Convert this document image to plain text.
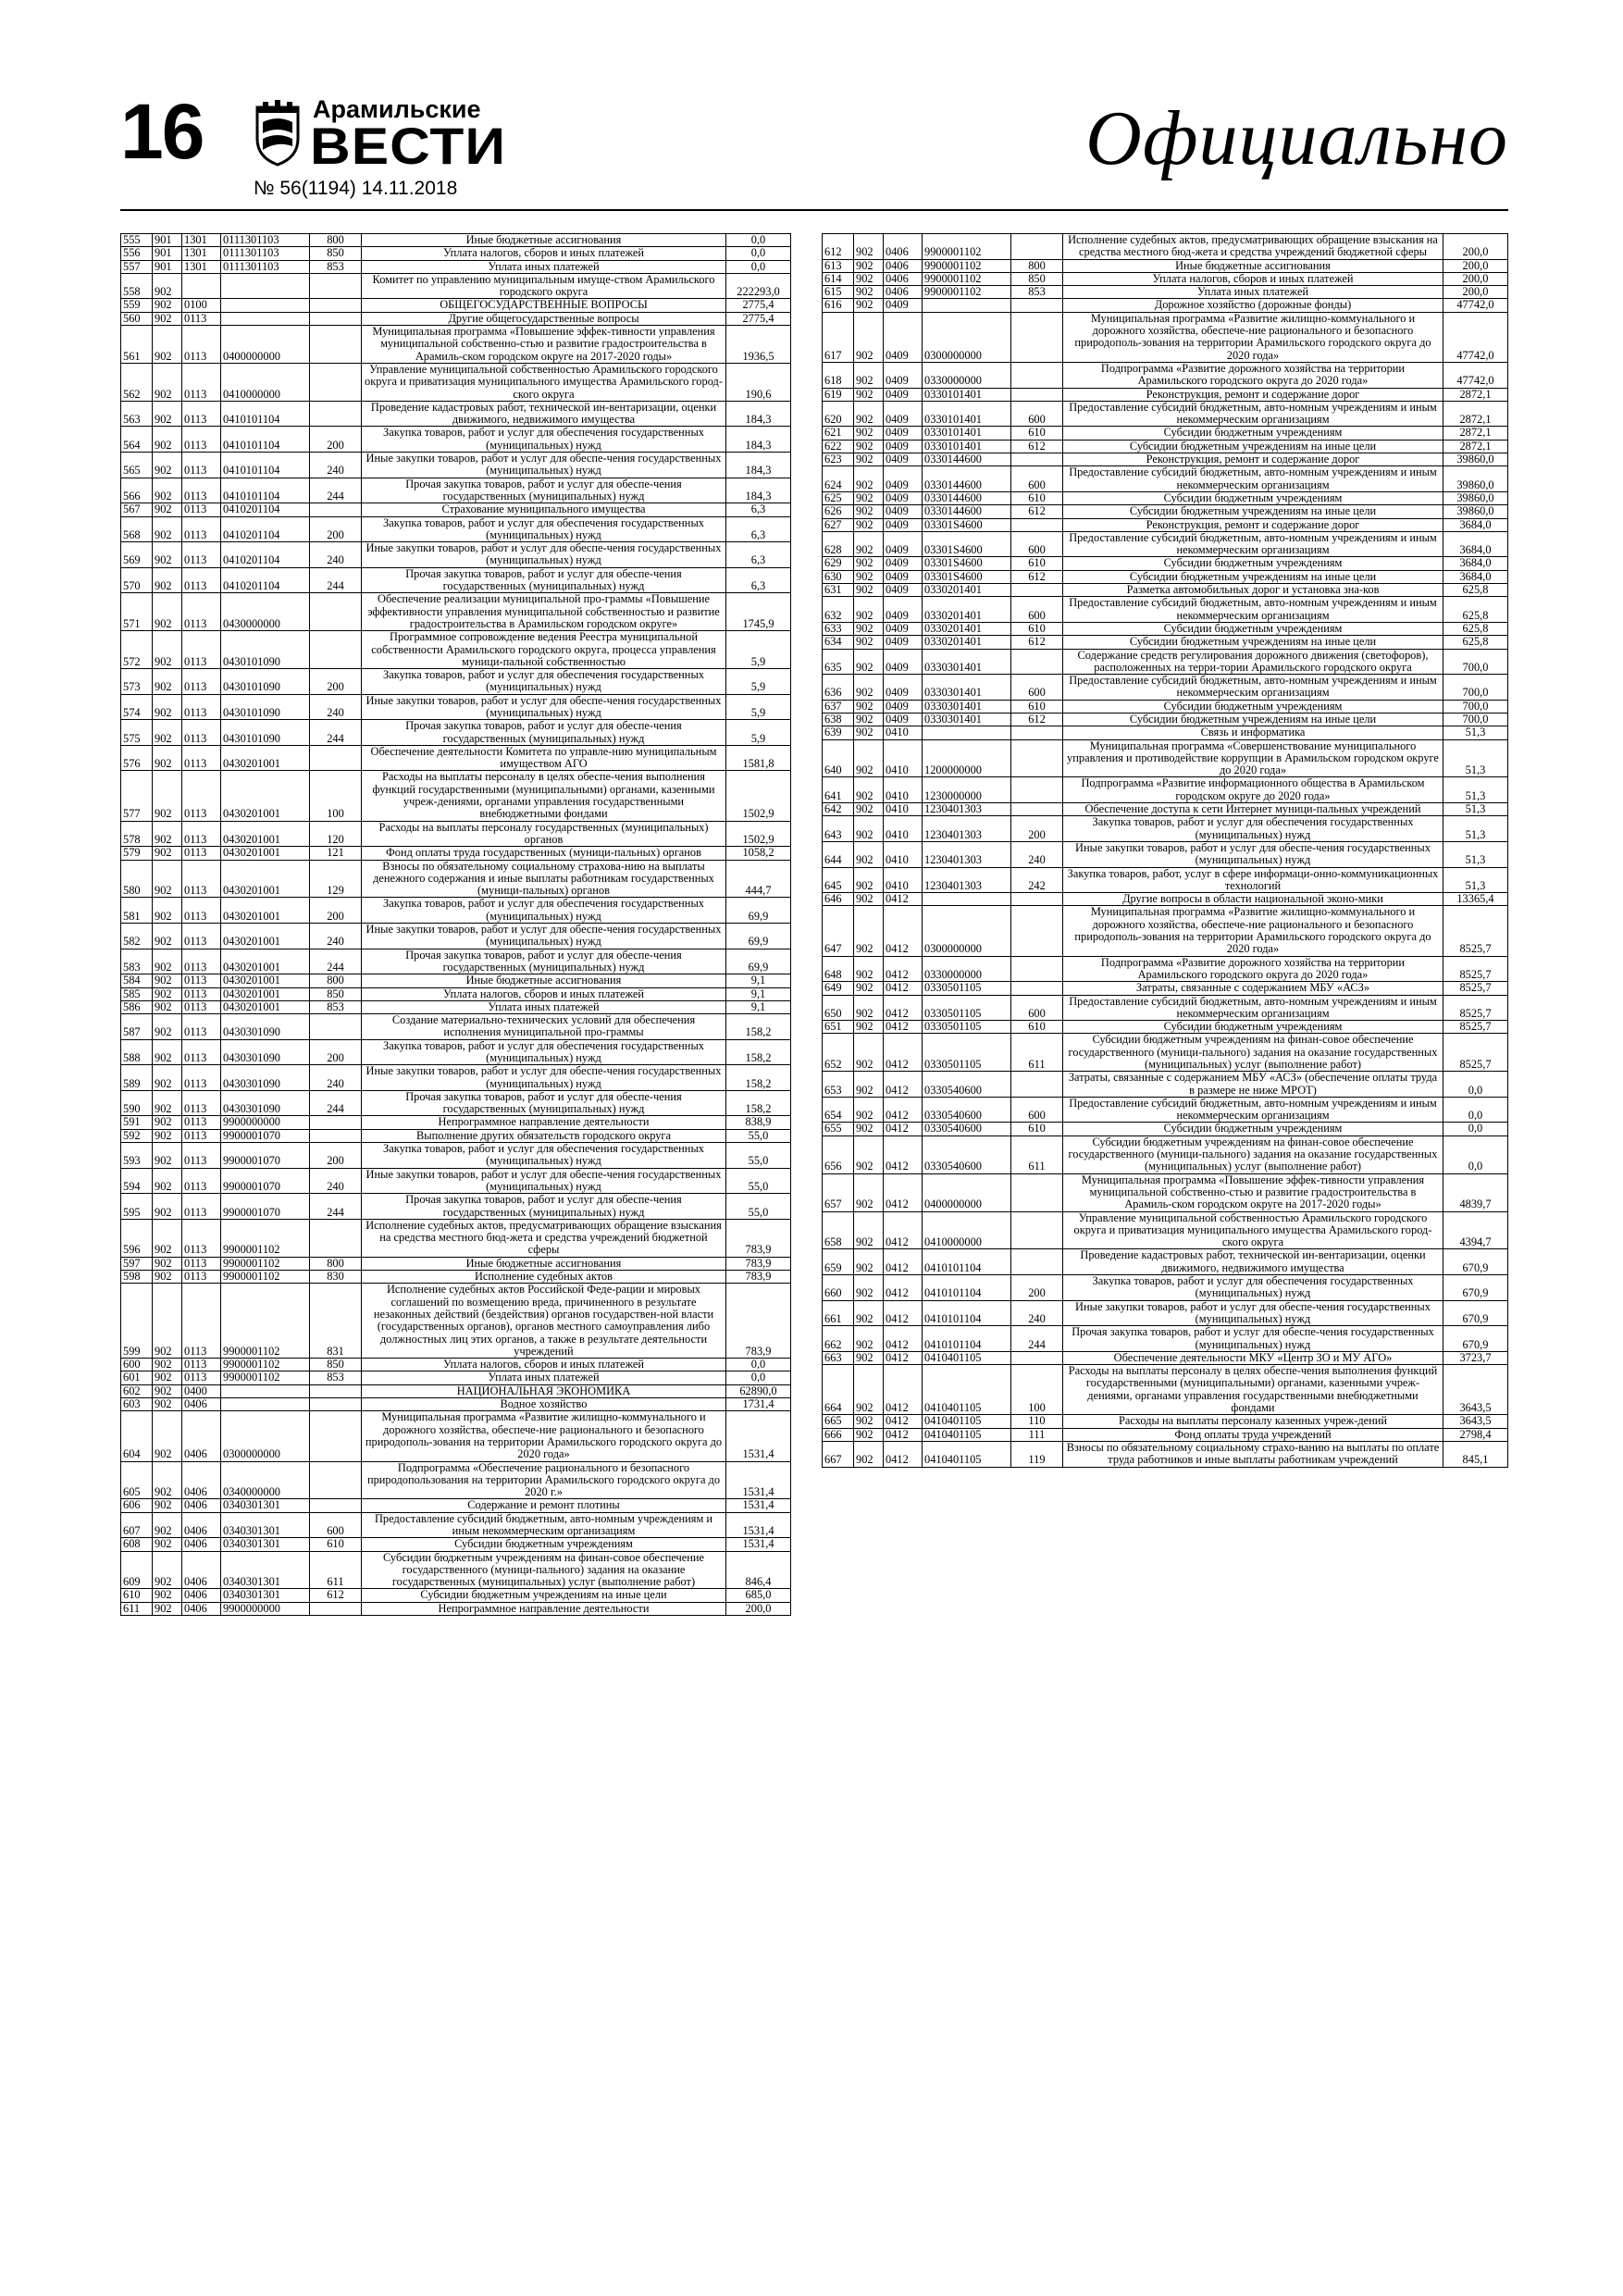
16	Арамильские
ВЕСТИ
№ 56(1194) 14.11.2018
Официально
555	901	1301	0111301103	800	Иные бюджетные ассигнования	0,0
556	901	1301	0111301103	850	Уплата налогов, сборов и иных платежей	0,0
557	901	1301	0111301103	853	Уплата иных платежей	0,0
558	902				Комитет по управлению муниципальным имуще-ством Арамильского городского округа	222293,0
559	902	0100			ОБЩЕГОСУДАРСТВЕННЫЕ ВОПРОСЫ	2775,4
560	902	0113			Другие общегосударственные вопросы	2775,4
561	902	0113	0400000000		Муниципальная программа «Повышение эффек-тивности управления муниципальной собственно-стью и развитие градостроительства в Арамиль-ском городском округе на 2017-2020 годы»	1936,5
562	902	0113	0410000000		Управление муниципальной собственностью Арамильского городского округа и приватизация муниципального имущества Арамильского город-ского округа	190,6
563	902	0113	0410101104		Проведение кадастровых работ, технической ин-вентаризации, оценки движимого, недвижимого имущества	184,3
564	902	0113	0410101104	200	Закупка товаров, работ и услуг для обеспечения государственных (муниципальных) нужд	184,3
565	902	0113	0410101104	240	Иные закупки товаров, работ и услуг для обеспе-чения государственных (муниципальных) нужд	184,3
566	902	0113	0410101104	244	Прочая закупка товаров, работ и услуг для обеспе-чения государственных (муниципальных) нужд	184,3
567	902	0113	0410201104		Страхование муниципального имущества	6,3
568	902	0113	0410201104	200	Закупка товаров, работ и услуг для обеспечения государственных (муниципальных) нужд	6,3
569	902	0113	0410201104	240	Иные закупки товаров, работ и услуг для обеспе-чения государственных (муниципальных) нужд	6,3
570	902	0113	0410201104	244	Прочая закупка товаров, работ и услуг для обеспе-чения государственных (муниципальных) нужд	6,3
571	902	0113	0430000000		Обеспечение реализации муниципальной про-граммы «Повышение эффективности управления муниципальной собственностью и развитие градостроительства в Арамильском городском округе»	1745,9
572	902	0113	0430101090		Программное сопровождение ведения Реестра муниципальной собственности Арамильского городского округа, процесса управления муници-пальной собственностью	5,9
573	902	0113	0430101090	200	Закупка товаров, работ и услуг для обеспечения государственных (муниципальных) нужд	5,9
574	902	0113	0430101090	240	Иные закупки товаров, работ и услуг для обеспе-чения государственных (муниципальных) нужд	5,9
575	902	0113	0430101090	244	Прочая закупка товаров, работ и услуг для обеспе-чения государственных (муниципальных) нужд	5,9
576	902	0113	0430201001		Обеспечение деятельности Комитета по управле-нию муниципальным имуществом АГО	1581,8
577	902	0113	0430201001	100	Расходы на выплаты персоналу в целях обеспе-чения выполнения функций государственными (муниципальными) органами, казенными учреж-дениями, органами управления государственными внебюджетными фондами	1502,9
578	902	0113	0430201001	120	Расходы на выплаты персоналу государственных (муниципальных) органов	1502,9
579	902	0113	0430201001	121	Фонд оплаты труда государственных (муници-пальных) органов	1058,2
580	902	0113	0430201001	129	Взносы по обязательному социальному страхова-нию на выплаты денежного содержания и иные выплаты работникам государственных (муници-пальных) органов	444,7
581	902	0113	0430201001	200	Закупка товаров, работ и услуг для обеспечения государственных (муниципальных) нужд	69,9
582	902	0113	0430201001	240	Иные закупки товаров, работ и услуг для обеспе-чения государственных (муниципальных) нужд	69,9
583	902	0113	0430201001	244	Прочая закупка товаров, работ и услуг для обеспе-чения государственных (муниципальных) нужд	69,9
584	902	0113	0430201001	800	Иные бюджетные ассигнования	9,1
585	902	0113	0430201001	850	Уплата налогов, сборов и иных платежей	9,1
586	902	0113	0430201001	853	Уплата иных платежей	9,1
587	902	0113	0430301090		Создание материально-технических условий для обеспечения исполнения муниципальной про-граммы	158,2
588	902	0113	0430301090	200	Закупка товаров, работ и услуг для обеспечения государственных (муниципальных) нужд	158,2
589	902	0113	0430301090	240	Иные закупки товаров, работ и услуг для обеспе-чения государственных (муниципальных) нужд	158,2
590	902	0113	0430301090	244	Прочая закупка товаров, работ и услуг для обеспе-чения государственных (муниципальных) нужд	158,2
591	902	0113	9900000000		Непрограммное направление деятельности	838,9
592	902	0113	9900001070		Выполнение других обязательств городского округа	55,0
593	902	0113	9900001070	200	Закупка товаров, работ и услуг для обеспечения государственных (муниципальных) нужд	55,0
594	902	0113	9900001070	240	Иные закупки товаров, работ и услуг для обеспе-чения государственных (муниципальных) нужд	55,0
595	902	0113	9900001070	244	Прочая закупка товаров, работ и услуг для обеспе-чения государственных (муниципальных) нужд	55,0
596	902	0113	9900001102		Исполнение судебных актов, предусматривающих обращение взыскания на средства местного бюд-жета и средства учреждений бюджетной сферы	783,9
597	902	0113	9900001102	800	Иные бюджетные ассигнования	783,9
598	902	0113	9900001102	830	Исполнение судебных актов	783,9
599	902	0113	9900001102	831	Исполнение судебных актов Российской Феде-рации и мировых соглашений по возмещению вреда, причиненного в результате незаконных действий (бездействия) органов государствен-ной власти (государственных органов), органов местного самоуправления либо должностных лиц этих органов, а также в результате деятельности учреждений	783,9
600	902	0113	9900001102	850	Уплата налогов, сборов и иных платежей	0,0
601	902	0113	9900001102	853	Уплата иных платежей	0,0
602	902	0400			НАЦИОНАЛЬНАЯ ЭКОНОМИКА	62890,0
603	902	0406			Водное хозяйство	1731,4
604	902	0406	0300000000		Муниципальная программа «Развитие жилищно-коммунального и дорожного хозяйства, обеспече-ние рационального и безопасного природополь-зования на территории Арамильского городского округа до 2020 года»	1531,4
605	902	0406	0340000000		Подпрограмма «Обеспечение рационального и безопасного природопользования на территории Арамильского городского округа до 2020 г.»	1531,4
606	902	0406	0340301301		Содержание и ремонт плотины	1531,4
607	902	0406	0340301301	600	Предоставление субсидий бюджетным, авто-номным учреждениям и иным некоммерческим организациям	1531,4
608	902	0406	0340301301	610	Субсидии бюджетным учреждениям	1531,4
609	902	0406	0340301301	611	Субсидии бюджетным учреждениям на финан-совое обеспечение государственного (муници-пального) задания на оказание государственных (муниципальных) услуг (выполнение работ)	846,4
610	902	0406	0340301301	612	Субсидии бюджетным учреждениям на иные цели	685,0
611	902	0406	9900000000		Непрограммное направление деятельности	200,0
612	902	0406	9900001102		Исполнение судебных актов, предусматривающих обращение взыскания на средства местного бюд-жета и средства учреждений бюджетной сферы	200,0
613	902	0406	9900001102	800	Иные бюджетные ассигнования	200,0
614	902	0406	9900001102	850	Уплата налогов, сборов и иных платежей	200,0
615	902	0406	9900001102	853	Уплата иных платежей	200,0
616	902	0409			Дорожное хозяйство (дорожные фонды)	47742,0
617	902	0409	0300000000		Муниципальная программа «Развитие жилищно-коммунального и дорожного хозяйства, обеспече-ние рационального и безопасного природополь-зования на территории Арамильского городского округа до 2020 года»	47742,0
618	902	0409	0330000000		Подпрограмма «Развитие дорожного хозяйства на территории Арамильского городского округа до 2020 года»	47742,0
619	902	0409	0330101401		Реконструкция, ремонт и содержание дорог	2872,1
620	902	0409	0330101401	600	Предоставление субсидий бюджетным, авто-номным учреждениям и иным некоммерческим организациям	2872,1
621	902	0409	0330101401	610	Субсидии бюджетным учреждениям	2872,1
622	902	0409	0330101401	612	Субсидии бюджетным учреждениям на иные цели	2872,1
623	902	0409	0330144600		Реконструкция, ремонт и содержание дорог	39860,0
624	902	0409	0330144600	600	Предоставление субсидий бюджетным, авто-номным учреждениям и иным некоммерческим организациям	39860,0
625	902	0409	0330144600	610	Субсидии бюджетным учреждениям	39860,0
626	902	0409	0330144600	612	Субсидии бюджетным учреждениям на иные цели	39860,0
627	902	0409	03301S4600		Реконструкция, ремонт и содержание дорог	3684,0
628	902	0409	03301S4600	600	Предоставление субсидий бюджетным, авто-номным учреждениям и иным некоммерческим организациям	3684,0
629	902	0409	03301S4600	610	Субсидии бюджетным учреждениям	3684,0
630	902	0409	03301S4600	612	Субсидии бюджетным учреждениям на иные цели	3684,0
631	902	0409	0330201401		Разметка автомобильных дорог и установка зна-ков	625,8
632	902	0409	0330201401	600	Предоставление субсидий бюджетным, авто-номным учреждениям и иным некоммерческим организациям	625,8
633	902	0409	0330201401	610	Субсидии бюджетным учреждениям	625,8
634	902	0409	0330201401	612	Субсидии бюджетным учреждениям на иные цели	625,8
635	902	0409	0330301401		Содержание средств регулирования дорожного движения (светофоров), расположенных на терри-тории Арамильского городского округа	700,0
636	902	0409	0330301401	600	Предоставление субсидий бюджетным, авто-номным учреждениям и иным некоммерческим организациям	700,0
637	902	0409	0330301401	610	Субсидии бюджетным учреждениям	700,0
638	902	0409	0330301401	612	Субсидии бюджетным учреждениям на иные цели	700,0
639	902	0410			Связь и информатика	51,3
640	902	0410	1200000000		Муниципальная программа «Совершенствование муниципального управления и противодействие коррупции в Арамильском городском округе до 2020 года»	51,3
641	902	0410	1230000000		Подпрограмма «Развитие информационного общества в Арамильском городском округе до 2020 года»	51,3
642	902	0410	1230401303		Обеспечение доступа к сети Интернет муници-пальных учреждений	51,3
643	902	0410	1230401303	200	Закупка товаров, работ и услуг для обеспечения государственных (муниципальных) нужд	51,3
644	902	0410	1230401303	240	Иные закупки товаров, работ и услуг для обеспе-чения государственных (муниципальных) нужд	51,3
645	902	0410	1230401303	242	Закупка товаров, работ, услуг в сфере информаци-онно-коммуникационных технологий	51,3
646	902	0412			Другие вопросы в области национальной эконо-мики	13365,4
647	902	0412	0300000000		Муниципальная программа «Развитие жилищно-коммунального и дорожного хозяйства, обеспече-ние рационального и безопасного природополь-зования на территории Арамильского городского округа до 2020 года»	8525,7
648	902	0412	0330000000		Подпрограмма «Развитие дорожного хозяйства на территории Арамильского городского округа до 2020 года»	8525,7
649	902	0412	0330501105		Затраты, связанные с содержанием МБУ «АСЗ»	8525,7
650	902	0412	0330501105	600	Предоставление субсидий бюджетным, авто-номным учреждениям и иным некоммерческим организациям	8525,7
651	902	0412	0330501105	610	Субсидии бюджетным учреждениям	8525,7
652	902	0412	0330501105	611	Субсидии бюджетным учреждениям на финан-совое обеспечение государственного (муници-пального) задания на оказание государственных (муниципальных) услуг (выполнение работ)	8525,7
653	902	0412	0330540600		Затраты, связанные с содержанием МБУ «АСЗ» (обеспечение оплаты труда в размере не ниже МРОТ)	0,0
654	902	0412	0330540600	600	Предоставление субсидий бюджетным, авто-номным учреждениям и иным некоммерческим организациям	0,0
655	902	0412	0330540600	610	Субсидии бюджетным учреждениям	0,0
656	902	0412	0330540600	611	Субсидии бюджетным учреждениям на финан-совое обеспечение государственного (муници-пального) задания на оказание государственных (муниципальных) услуг (выполнение работ)	0,0
657	902	0412	0400000000		Муниципальная программа «Повышение эффек-тивности управления муниципальной собственно-стью и развитие градостроительства в Арамиль-ском городском округе на 2017-2020 годы»	4839,7
658	902	0412	0410000000		Управление муниципальной собственностью Арамильского городского округа и приватизация муниципального имущества Арамильского город-ского округа	4394,7
659	902	0412	0410101104		Проведение кадастровых работ, технической ин-вентаризации, оценки движимого, недвижимого имущества	670,9
660	902	0412	0410101104	200	Закупка товаров, работ и услуг для обеспечения государственных (муниципальных) нужд	670,9
661	902	0412	0410101104	240	Иные закупки товаров, работ и услуг для обеспе-чения государственных (муниципальных) нужд	670,9
662	902	0412	0410101104	244	Прочая закупка товаров, работ и услуг для обеспе-чения государственных (муниципальных) нужд	670,9
663	902	0412	0410401105		Обеспечение деятельности МКУ «Центр ЗО и МУ АГО»	3723,7
664	902	0412	0410401105	100	Расходы на выплаты персоналу в целях обеспе-чения выполнения функций государственными (муниципальными) органами, казенными учреж-дениями, органами управления государственными внебюджетными фондами	3643,5
665	902	0412	0410401105	110	Расходы на выплаты персоналу казенных учреж-дений	3643,5
666	902	0412	0410401105	111	Фонд оплаты труда учреждений	2798,4
667	902	0412	0410401105	119	Взносы по обязательному социальному страхо-ванию на выплаты по оплате труда работников и иные выплаты работникам учреждений	845,1
